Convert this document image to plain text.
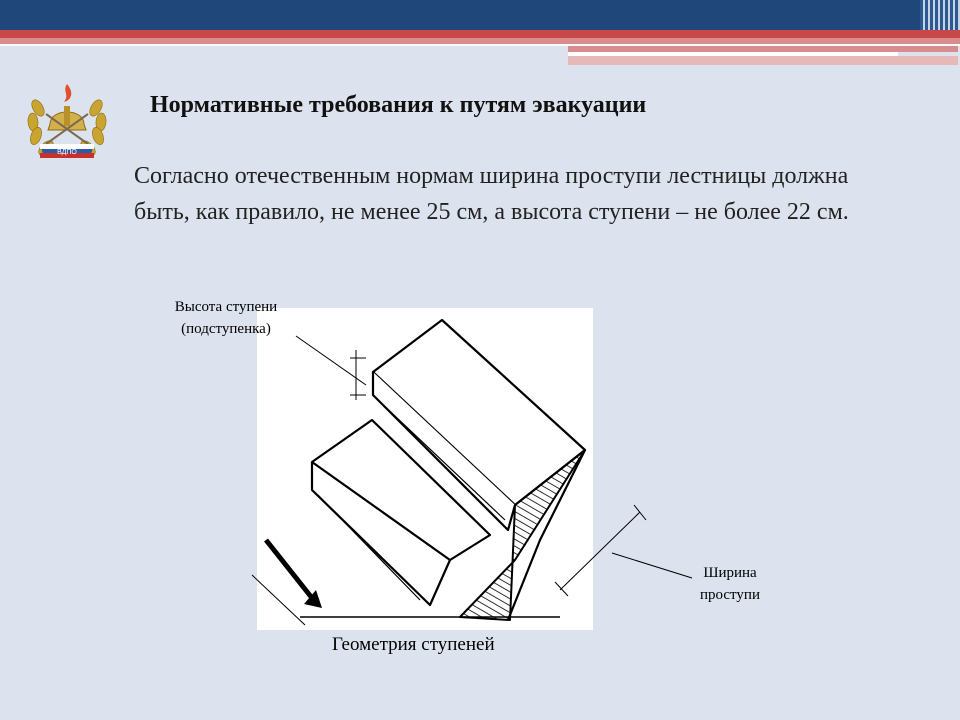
ВДПО
Нормативные требования к путям эвакуации
Согласно отечественным нормам ширина проступи лестницы должна
быть, как правило, не менее 25 см, а высота ступени – не более 22 см.
Высота ступени
(подступенка)
Ширина
проступи
Геометрия ступеней
